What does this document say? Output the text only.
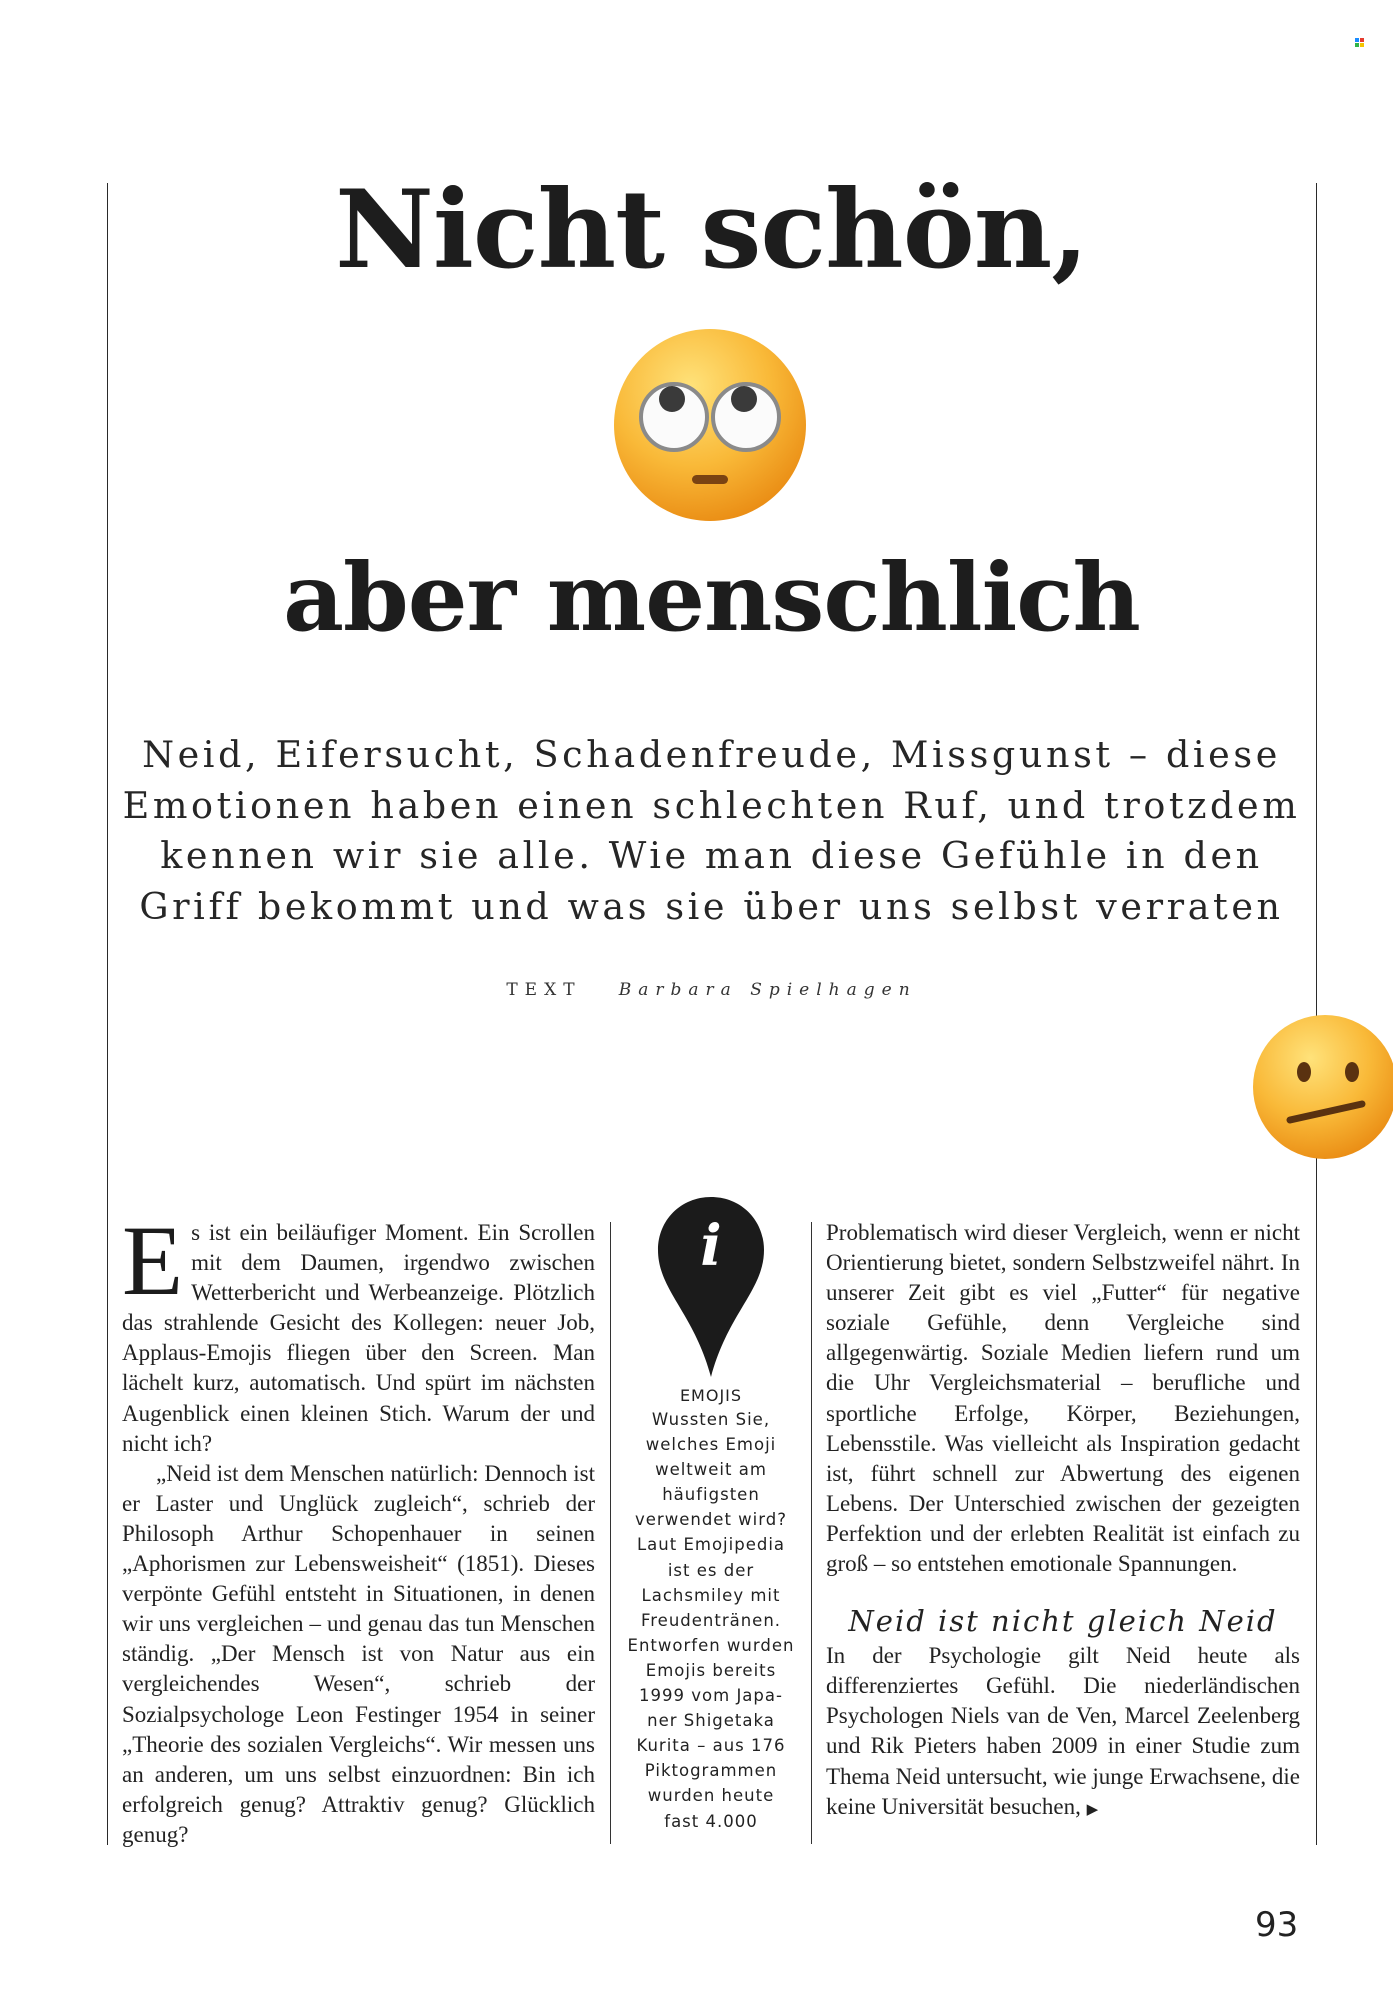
Nicht schön,
aber menschlich

Neid, Eifersucht, Schadenfreude, Missgunst – diese Emotionen haben einen schlechten Ruf, und trotzdem kennen wir sie alle. Wie man diese Gefühle in den Griff bekommt und was sie über uns selbst verraten

TEXT Barbara Spielhagen

Es ist ein beiläufiger Moment. Ein Scrollen mit dem Daumen, irgendwo zwischen Wetterbericht und Werbeanzeige. Plötzlich das strahlende Gesicht des Kollegen: neuer Job, Applaus-Emojis fliegen über den Screen. Man lächelt kurz, automatisch. Und spürt im nächsten Augenblick einen kleinen Stich. Warum der und nicht ich?

„Neid ist dem Menschen natürlich: Dennoch ist er Laster und Unglück zugleich“, schrieb der Philosoph Arthur Schopenhauer in seinen „Aphorismen zur Lebensweisheit“ (1851). Dieses verpönte Gefühl entsteht in Situationen, in denen wir uns vergleichen – und genau das tun Menschen ständig. „Der Mensch ist von Natur aus ein vergleichendes Wesen“, schrieb der Sozialpsychologe Leon Festinger 1954 in seiner „Theorie des sozialen Vergleichs“. Wir messen uns an anderen, um uns selbst einzuordnen: Bin ich erfolgreich genug? Attraktiv genug? Glücklich genug?

i
EMOJIS
Wussten Sie,
welches Emoji
weltweit am
häufigsten
verwendet wird?
Laut Emojipedia
ist es der
Lachsmiley mit
Freudentränen.
Entworfen wurden
Emojis bereits
1999 vom Japa-
ner Shigetaka
Kurita – aus 176
Piktogrammen
wurden heute
fast 4.000

Problematisch wird dieser Vergleich, wenn er nicht Orientierung bietet, sondern Selbstzweifel nährt. In unserer Zeit gibt es viel „Futter“ für negative soziale Gefühle, denn Vergleiche sind allgegenwärtig. Soziale Medien liefern rund um die Uhr Vergleichsmaterial – berufliche und sportliche Erfolge, Körper, Beziehungen, Lebensstile. Was vielleicht als Inspiration gedacht ist, führt schnell zur Abwertung des eigenen Lebens. Der Unterschied zwischen der gezeigten Perfektion und der erlebten Realität ist einfach zu groß – so entstehen emotionale Spannungen.

Neid ist nicht gleich Neid

In der Psychologie gilt Neid heute als differenziertes Gefühl. Die niederländischen Psychologen Niels van de Ven, Marcel Zeelenberg und Rik Pieters haben 2009 in einer Studie zum Thema Neid untersucht, wie junge Erwachsene, die keine Universität besuchen, ▶

93
